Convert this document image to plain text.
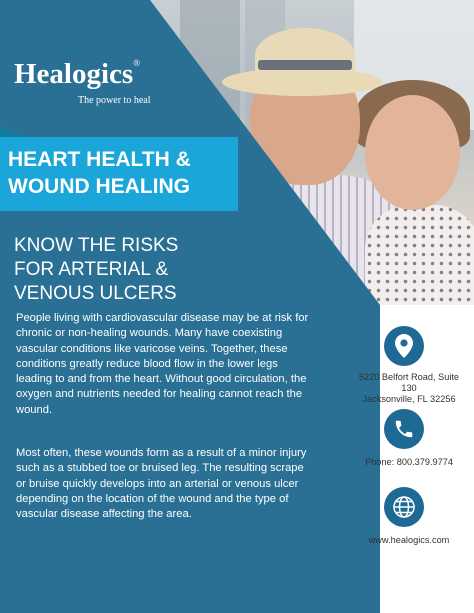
Healogics®
The power to heal
HEART HEALTH &
WOUND HEALING
KNOW THE RISKS
FOR ARTERIAL &
VENOUS ULCERS

People living with cardiovascular disease may be at risk for chronic or non-healing wounds. Many have coexisting vascular conditions like varicose veins. Together, these conditions greatly reduce blood flow in the lower legs leading to and from the heart. Without good circulation, the oxygen and nutrients needed for healing cannot reach the wound.

Most often, these wounds form as a result of a minor injury such as a stubbed toe or bruised leg. The resulting scrape or bruise quickly develops into an arterial or venous ulcer depending on the location of the wound and the type of vascular disease affecting the area.

5220 Belfort Road, Suite 130
Jacksonville, FL 32256
Phone: 800.379.9774
www.healogics.com
